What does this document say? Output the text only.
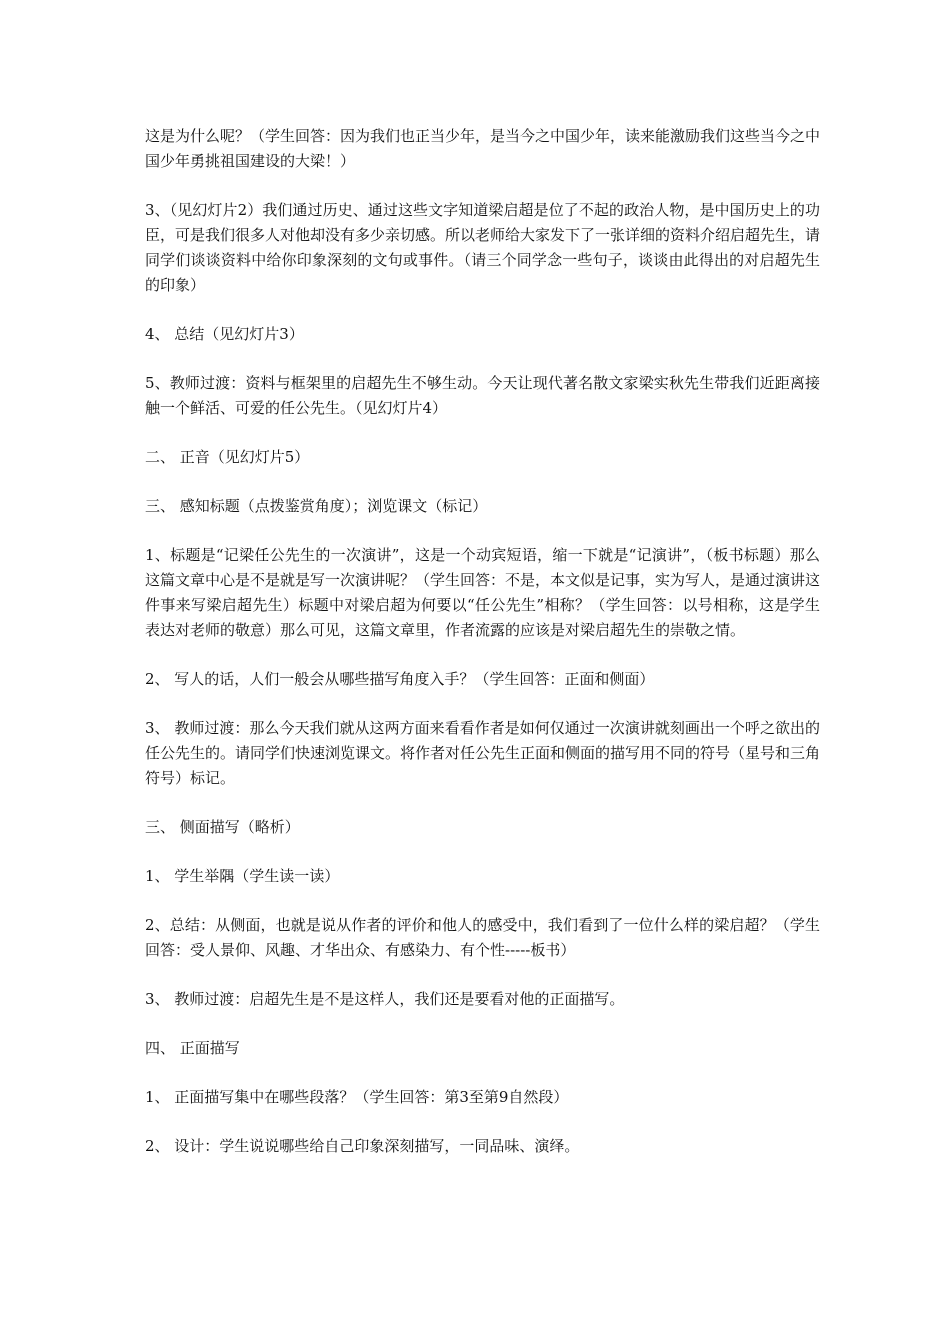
这是为什么呢？（学生回答：因为我们也正当少年，是当今之中国少年，读来能激励我们这些当今之中国少年勇挑祖国建设的大梁！）

3、（见幻灯片2）我们通过历史、通过这些文字知道梁启超是位了不起的政治人物，是中国历史上的功臣，可是我们很多人对他却没有多少亲切感。所以老师给大家发下了一张详细的资料介绍启超先生，请同学们谈谈资料中给你印象深刻的文句或事件。（请三个同学念一些句子，谈谈由此得出的对启超先生的印象）

4、 总结（见幻灯片3）

5、教师过渡：资料与框架里的启超先生不够生动。今天让现代著名散文家梁实秋先生带我们近距离接触一个鲜活、可爱的任公先生。（见幻灯片4）

二、 正音（见幻灯片5）

三、 感知标题（点拨鉴赏角度）；浏览课文（标记）

1、标题是“记梁任公先生的一次演讲”，这是一个动宾短语，缩一下就是“记演讲”，（板书标题）那么这篇文章中心是不是就是写一次演讲呢？（学生回答：不是，本文似是记事，实为写人，是通过演讲这件事来写梁启超先生）标题中对梁启超为何要以“任公先生”相称？（学生回答：以号相称，这是学生表达对老师的敬意）那么可见，这篇文章里，作者流露的应该是对梁启超先生的崇敬之情。

2、 写人的话，人们一般会从哪些描写角度入手？（学生回答：正面和侧面）

3、 教师过渡：那么今天我们就从这两方面来看看作者是如何仅通过一次演讲就刻画出一个呼之欲出的任公先生的。请同学们快速浏览课文。将作者对任公先生正面和侧面的描写用不同的符号（星号和三角符号）标记。

三、 侧面描写（略析）

1、 学生举隅（学生读一读）

2、总结：从侧面，也就是说从作者的评价和他人的感受中，我们看到了一位什么样的梁启超？（学生回答：受人景仰、风趣、才华出众、有感染力、有个性-----板书）

3、 教师过渡：启超先生是不是这样人，我们还是要看对他的正面描写。

四、 正面描写

1、 正面描写集中在哪些段落？（学生回答：第3至第9自然段）

2、 设计：学生说说哪些给自己印象深刻描写，一同品味、演绎。
